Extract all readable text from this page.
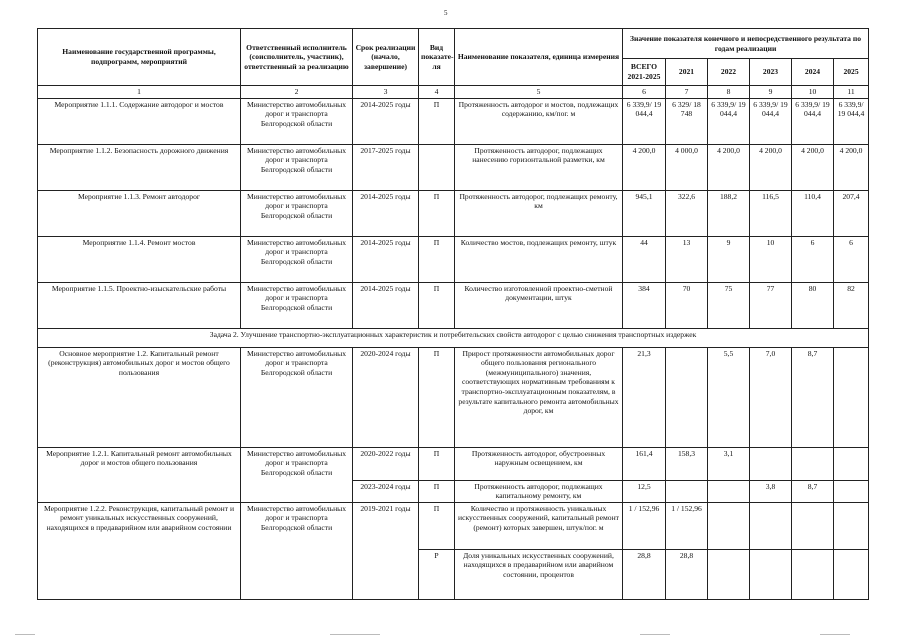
5
Наименование государственной программы, подпрограмм, мероприятий	Ответственный исполнитель (соисполнитель, участник), ответственный за реализацию	Срок реализации (начало, завершение)	Вид показате-ля	Наименование показателя, единица измерения	Значение показателя конечного и непосредственного результата по годам реализации					
					ВСЕГО 2021-2025	2021	2022	2023	2024	2025
1	2	3	4	5	6	7	8	9	10	11
Мероприятие 1.1.1. Содержание автодорог и мостов	Министерство автомобильных дорог и транспорта Белгородской области	2014-2025 годы	П	Протяженность автодорог и мостов, подлежащих содержанию, км/пог. м	6 339,9/ 19 044,4	6 329/ 18 748	6 339,9/ 19 044,4	6 339,9/ 19 044,4	6 339,9/ 19 044,4	6 339,9/ 19 044,4
Мероприятие 1.1.2. Безопасность дорожного движения	Министерство автомобильных дорог и транспорта Белгородской области	2017-2025 годы		Протяженность автодорог, подлежащих нанесению горизонтальной разметки, км	4 200,0	4 000,0	4 200,0	4 200,0	4 200,0	4 200,0
Мероприятие 1.1.3. Ремонт автодорог	Министерство автомобильных дорог и транспорта Белгородской области	2014-2025 годы	П	Протяженность автодорог, подлежащих ремонту, км	945,1	322,6	188,2	116,5	110,4	207,4
Мероприятие 1.1.4. Ремонт мостов	Министерство автомобильных дорог и транспорта Белгородской области	2014-2025 годы	П	Количество мостов, подлежащих ремонту, штук	44	13	9	10	6	6
Мероприятие 1.1.5. Проектно-изыскательские работы	Министерство автомобильных дорог и транспорта Белгородской области	2014-2025 годы	П	Количество изготовленной проектно-сметной документации, штук	384	70	75	77	80	82
Задача 2. Улучшение транспортно-эксплуатационных характеристик и потребительских свойств автодорог с целью снижения транспортных издержек										
Основное мероприятие 1.2. Капитальный ремонт (реконструкция) автомобильных дорог и мостов общего пользования	Министерство автомобильных дорог и транспорта Белгородской области	2020-2024 годы	П	Прирост протяженности автомобильных дорог общего пользования регионального (межмуниципального) значения, соответствующих нормативным требованиям к транспортно-эксплуатационным показателям, в результате капитального ремонта автомобильных дорог, км	21,3		5,5	7,0	8,7	
Мероприятие 1.2.1. Капитальный ремонт автомобильных дорог и мостов общего пользования	Министерство автомобильных дорог и транспорта Белгородской области	2020-2022 годы	П	Протяженность автодорог, обустроенных наружным освещением, км	161,4	158,3	3,1			
		2023-2024 годы	П	Протяженность автодорог, подлежащих капитальному ремонту, км	12,5			3,8	8,7	
Мероприятие 1.2.2. Реконструкция, капитальный ремонт и ремонт уникальных искусственных сооружений, находящихся в предаварийном или аварийном состоянии	Министерство автомобильных дорог и транспорта Белгородской области	2019-2021 годы	П	Количество и протяженность уникальных искусственных сооружений, капитальный ремонт (ремонт) которых завершен, штук/пог. м	1 / 152,96	1 / 152,96				
			Р	Доля уникальных искусственных сооружений, находящихся в предаварийном или аварийном состоянии, процентов	28,8	28,8				
